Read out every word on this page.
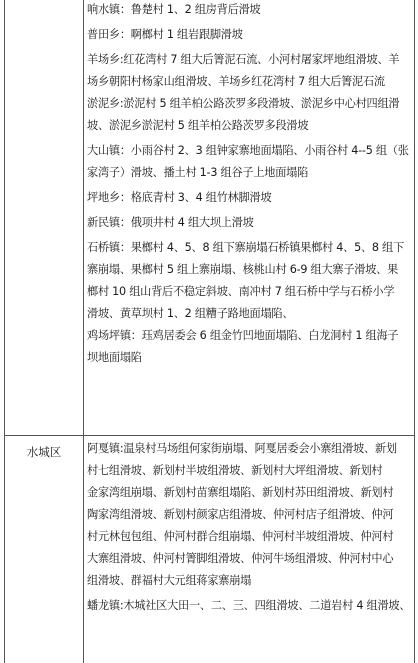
水城区

响水镇：鲁楚村 1、2 组房背后滑坡

普田乡：啊榔村 1 组岩跟脚滑坡

羊场乡:红花湾村 7 组大后箐泥石流、小河村屠家坪地组滑坡、羊

场乡朝阳村杨家山组滑坡、羊场乡红花湾村 7 组大后箐泥石流

淤泥乡:淤泥村 5 组羊柏公路茨罗多段滑坡、淤泥乡中心村四组滑

坡、淤泥乡淤泥村 5 组羊柏公路茨罗多段滑坡

大山镇：小雨谷村 2、3 组钟家寨地面塌陷、小雨谷村 4--5 组（张

家湾子）滑坡、播土村 1-3 组谷子上地面塌陷

坪地乡：格底青村 3、4 组竹林脚滑坡

新民镇：俄项井村 4 组大坝上滑坡

石桥镇：果榔村 4、5、8 组下寨崩塌石桥镇果榔村 4、5、8 组下

寨崩塌、果榔村 5 组上寨崩塌、核桃山村 6-9 组大寨子滑坡、果

榔村 10 组山背后不稳定斜坡、南冲村 7 组石桥中学与石桥小学

滑坡、黄草坝村 1、2 组糟子路地面塌陷、

鸡场坪镇：珏鸡居委会 6 组金竹凹地面塌陷、白龙洞村 1 组海子

坝地面塌陷

阿戛镇:温泉村马场组何家街崩塌、阿戛居委会小寨组滑坡、新划

村七组滑坡、新划村半坡组滑坡、新划村大坪组滑坡、新划村

金家湾组崩塌、新划村苗寨组塌陷、新划村苏田组滑坡、新划村

陶家湾组滑坡、新划村颜家店组滑坡、仲河村店子组滑坡、仲河

村元林包包组、仲河村群合组崩塌、仲河村半坡组滑坡、仲河村

大寨组滑坡、仲河村箐脚组滑坡、仲河牛场组滑坡、仲河村中心

组滑坡、群福村大元组蒋家寨崩塌

蟠龙镇:木城社区大田一、二、三、四组滑坡、二道岩村 4 组滑坡、
